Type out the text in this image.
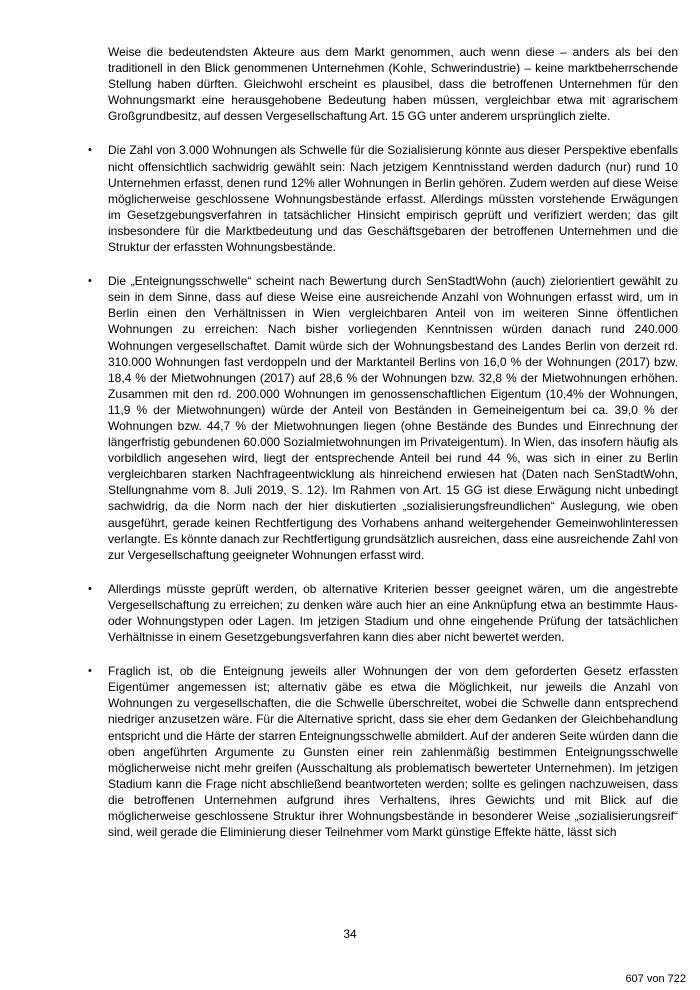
Weise die bedeutendsten Akteure aus dem Markt genommen, auch wenn diese – anders als bei den traditionell in den Blick genommenen Unternehmen (Kohle, Schwerindustrie) – keine marktbeherrschende Stellung haben dürften. Gleichwohl erscheint es plausibel, dass die betroffenen Unternehmen für den Wohnungsmarkt eine herausgehobene Bedeutung haben müssen, vergleichbar etwa mit agrarischem Großgrundbesitz, auf dessen Vergesellschaftung Art. 15 GG unter anderem ursprünglich zielte.

• Die Zahl von 3.000 Wohnungen als Schwelle für die Sozialisierung könnte aus dieser Perspektive ebenfalls nicht offensichtlich sachwidrig gewählt sein: Nach jetzigem Kenntnisstand werden dadurch (nur) rund 10 Unternehmen erfasst, denen rund 12% aller Wohnungen in Berlin gehören. Zudem werden auf diese Weise möglicherweise geschlossene Wohnungsbestände erfasst. Allerdings müssten vorstehende Erwägungen im Gesetzgebungsverfahren in tatsächlicher Hinsicht empirisch geprüft und verifiziert werden; das gilt insbesondere für die Marktbedeutung und das Geschäftsgebaren der betroffenen Unternehmen und die Struktur der erfassten Wohnungsbestände.
• Die „Enteignungsschwelle“ scheint nach Bewertung durch SenStadtWohn (auch) zielorientiert gewählt zu sein in dem Sinne, dass auf diese Weise eine ausreichende Anzahl von Wohnungen erfasst wird, um in Berlin einen den Verhältnissen in Wien vergleichbaren Anteil von im weiteren Sinne öffentlichen Wohnungen zu erreichen: Nach bisher vorliegenden Kenntnissen würden danach rund 240.000 Wohnungen vergesellschaftet. Damit würde sich der Wohnungsbestand des Landes Berlin von derzeit rd. 310.000 Wohnungen fast verdoppeln und der Marktanteil Berlins von 16,0 % der Wohnungen (2017) bzw. 18,4 % der Mietwohnungen (2017) auf 28,6 % der Wohnungen bzw. 32,8 % der Mietwohnungen erhöhen. Zusammen mit den rd. 200.000 Wohnungen im genossenschaftlichen Eigentum (10,4% der Wohnungen, 11,9 % der Mietwohnungen) würde der Anteil von Beständen in Gemeineigentum bei ca. 39,0 % der Wohnungen bzw. 44,7 % der Mietwohnungen liegen (ohne Bestände des Bundes und Einrechnung der längerfristig gebundenen 60.000 Sozialmietwohnungen im Privateigentum). In Wien, das insofern häufig als vorbildlich angesehen wird, liegt der entsprechende Anteil bei rund 44 %, was sich in einer zu Berlin vergleichbaren starken Nachfrageentwicklung als hinreichend erwiesen hat (Daten nach SenStadtWohn, Stellungnahme vom 8. Juli 2019, S. 12). Im Rahmen von Art. 15 GG ist diese Erwägung nicht unbedingt sachwidrig, da die Norm nach der hier diskutierten „sozialisierungsfreundlichen“ Auslegung, wie oben ausgeführt, gerade keinen Rechtfertigung des Vorhabens anhand weitergehender Gemeinwohlinteressen verlangte. Es könnte danach zur Rechtfertigung grundsätzlich ausreichen, dass eine ausreichende Zahl von zur Vergesellschaftung geeigneter Wohnungen erfasst wird.
• Allerdings müsste geprüft werden, ob alternative Kriterien besser geeignet wären, um die angestrebte Vergesellschaftung zu erreichen; zu denken wäre auch hier an eine Anknüpfung etwa an bestimmte Haus- oder Wohnungstypen oder Lagen. Im jetzigen Stadium und ohne eingehende Prüfung der tatsächlichen Verhältnisse in einem Gesetzgebungsverfahren kann dies aber nicht bewertet werden.
• Fraglich ist, ob die Enteignung jeweils aller Wohnungen der von dem geforderten Gesetz erfassten Eigentümer angemessen ist; alternativ gäbe es etwa die Möglichkeit, nur jeweils die Anzahl von Wohnungen zu vergesellschaften, die die Schwelle überschreitet, wobei die Schwelle dann entsprechend niedriger anzusetzen wäre. Für die Alternative spricht, dass sie eher dem Gedanken der Gleichbehandlung entspricht und die Härte der starren Enteignungsschwelle abmildert. Auf der anderen Seite würden dann die oben angeführten Argumente zu Gunsten einer rein zahlenmäßig bestimmen Enteignungsschwelle möglicherweise nicht mehr greifen (Ausschaltung als problematisch bewerteter Unternehmen). Im jetzigen Stadium kann die Frage nicht abschließend beantworteten werden; sollte es gelingen nachzuweisen, dass die betroffenen Unternehmen aufgrund ihres Verhaltens, ihres Gewichts und mit Blick auf die möglicherweise geschlossene Struktur ihrer Wohnungsbestände in besonderer Weise „sozialisierungsreif“ sind, weil gerade die Eliminierung dieser Teilnehmer vom Markt günstige Effekte hätte, lässt sich
34
607 von 722
